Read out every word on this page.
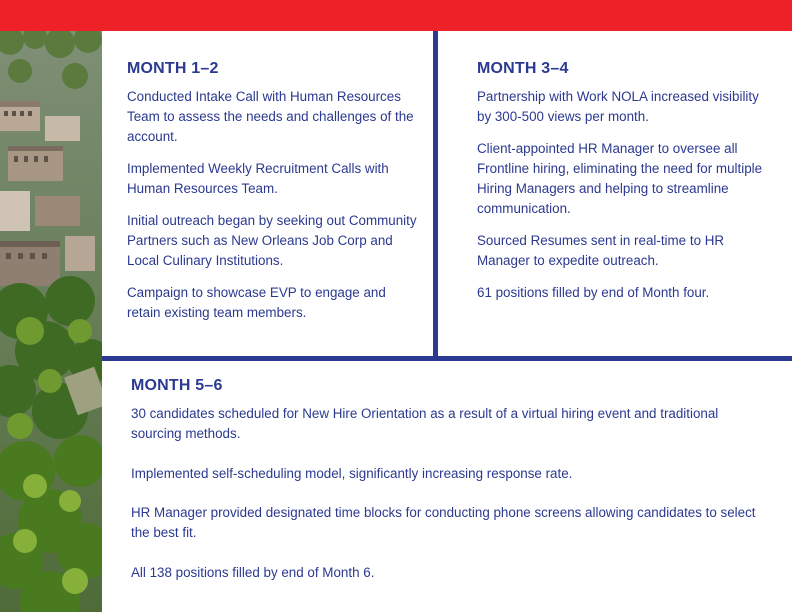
MONTH 1–2

Conducted Intake Call with Human Resources Team to assess the needs and challenges of the account.

Implemented Weekly Recruitment Calls with Human Resources Team.

Initial outreach began by seeking out Community Partners such as New Orleans Job Corp and Local Culinary Institutions.

Campaign to showcase EVP to engage and retain existing team members.

MONTH 3–4

Partnership with Work NOLA increased visibility by 300-500 views per month.

Client-appointed HR Manager to oversee all Frontline hiring, eliminating the need for multiple Hiring Managers and helping to streamline communication.

Sourced Resumes sent in real-time to HR Manager to expedite outreach.

61 positions filled by end of Month four.

MONTH 5–6

30 candidates scheduled for New Hire Orientation as a result of a virtual hiring event and traditional sourcing methods.

Implemented self-scheduling model, significantly increasing response rate.

HR Manager provided designated time blocks for conducting phone screens allowing candidates to select the best fit.

All 138 positions filled by end of Month 6.
